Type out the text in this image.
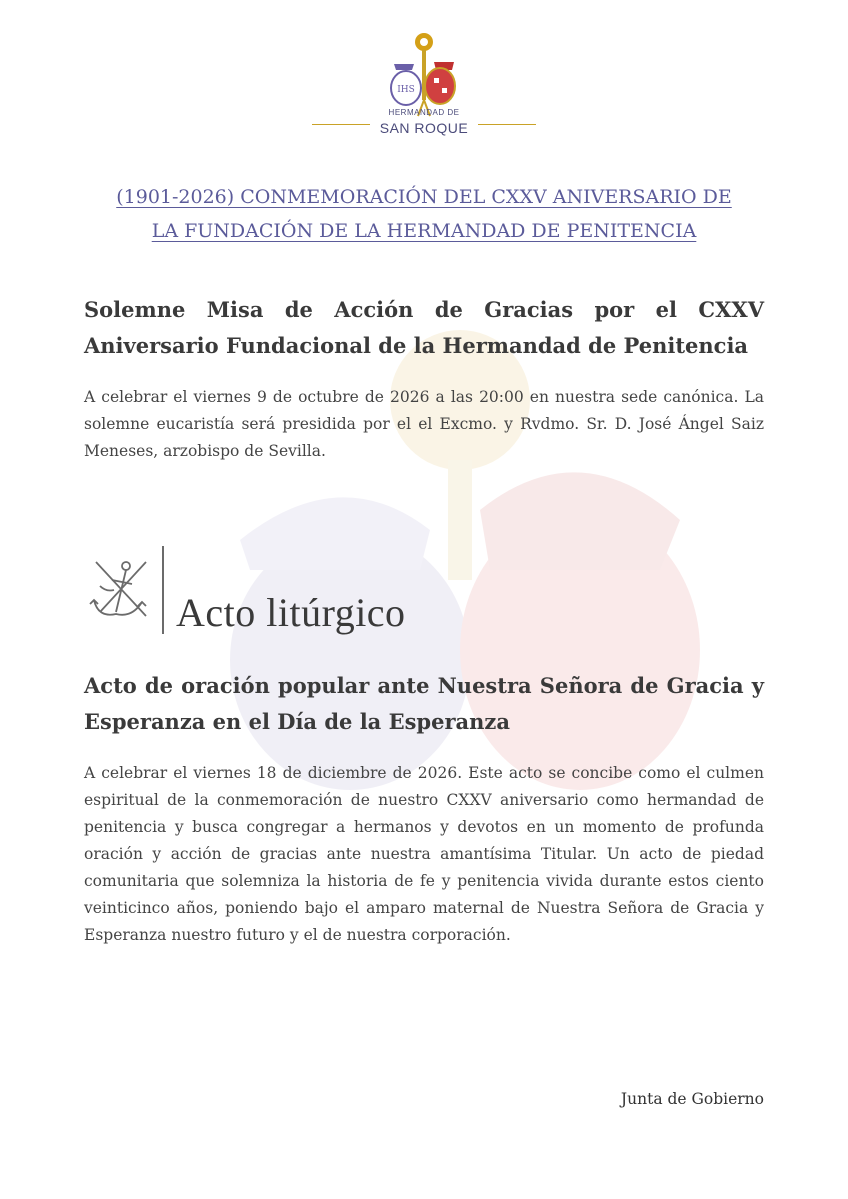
IHS
HERMANDAD DE
SAN ROQUE
(1901-2026) CONMEMORACIÓN DEL CXXV ANIVERSARIO DE
LA FUNDACIÓN DE LA HERMANDAD DE PENITENCIA
Solemne Misa de Acción de Gracias por el CXXV Aniversario Fundacional de la Hermandad de Penitencia
A celebrar el viernes 9 de octubre de 2026 a las 20:00 en nuestra sede canónica. La solemne eucaristía será presidida por el el Excmo. y Rvdmo. Sr. D. José Ángel Saiz Meneses, arzobispo de Sevilla.
Acto litúrgico
Acto de oración popular ante Nuestra Señora de Gracia y Esperanza en el Día de la Esperanza
A celebrar el viernes 18 de diciembre de 2026. Este acto se concibe como el culmen espiritual de la conmemoración de nuestro CXXV aniversario como hermandad de penitencia y busca congregar a hermanos y devotos en un momento de profunda oración y acción de gracias ante nuestra amantísima Titular. Un acto de piedad comunitaria que solemniza la historia de fe y penitencia vivida durante estos ciento veinticinco años, poniendo bajo el amparo maternal de Nuestra Señora de Gracia y Esperanza nuestro futuro y el de nuestra corporación.
Junta de Gobierno
